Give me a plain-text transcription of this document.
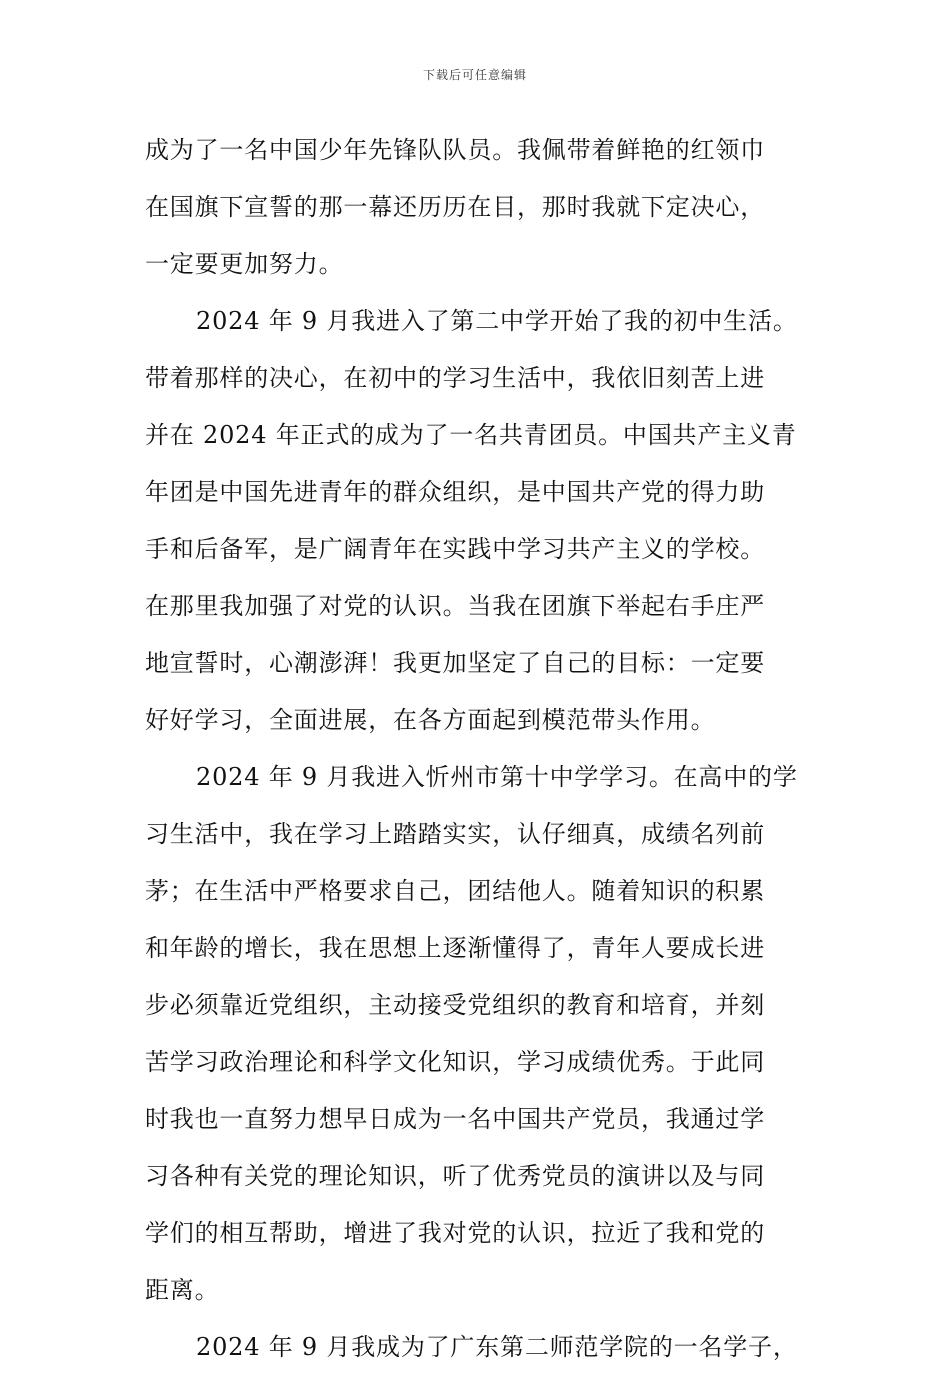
下载后可任意编辑
成为了一名中国少年先锋队队员。我佩带着鲜艳的红领巾
在国旗下宣誓的那一幕还历历在目，那时我就下定决心，
一定要更加努力。
2024 年 9 月我进入了第二中学开始了我的初中生活。
带着那样的决心，在初中的学习生活中，我依旧刻苦上进
并在 2024 年正式的成为了一名共青团员。中国共产主义青
年团是中国先进青年的群众组织，是中国共产党的得力助
手和后备军，是广阔青年在实践中学习共产主义的学校。
在那里我加强了对党的认识。当我在团旗下举起右手庄严
地宣誓时，心潮澎湃！我更加坚定了自己的目标：一定要
好好学习，全面进展，在各方面起到模范带头作用。
2024 年 9 月我进入忻州市第十中学学习。在高中的学
习生活中，我在学习上踏踏实实，认仔细真，成绩名列前
茅；在生活中严格要求自己，团结他人。随着知识的积累
和年龄的增长，我在思想上逐渐懂得了，青年人要成长进
步必须靠近党组织，主动接受党组织的教育和培育，并刻
苦学习政治理论和科学文化知识，学习成绩优秀。于此同
时我也一直努力想早日成为一名中国共产党员，我通过学
习各种有关党的理论知识，听了优秀党员的演讲以及与同
学们的相互帮助，增进了我对党的认识，拉近了我和党的
距离。
2024 年 9 月我成为了广东第二师范学院的一名学子，
